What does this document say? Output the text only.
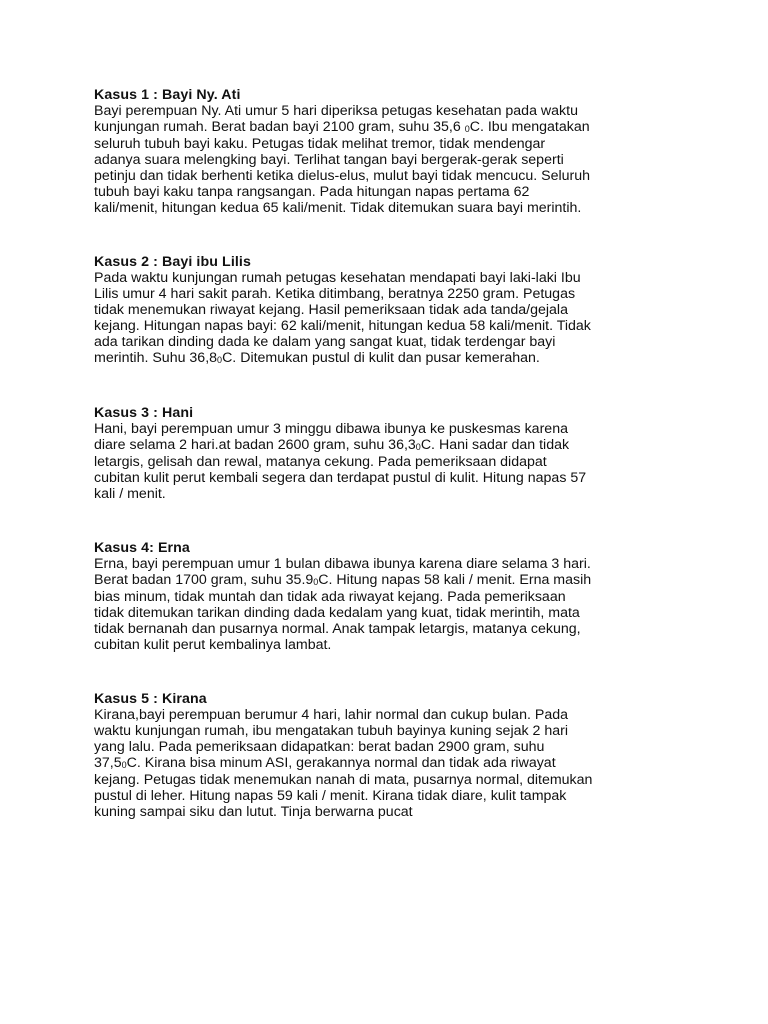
Kasus 1 : Bayi Ny. Ati
Bayi perempuan Ny. Ati umur 5 hari diperiksa petugas kesehatan pada waktu
kunjungan rumah. Berat badan bayi 2100 gram, suhu 35,6 0C. Ibu mengatakan
seluruh tubuh bayi kaku. Petugas tidak melihat tremor, tidak mendengar
adanya suara melengking bayi. Terlihat tangan bayi bergerak-gerak seperti
petinju dan tidak berhenti ketika dielus-elus, mulut bayi tidak mencucu. Seluruh
tubuh bayi kaku tanpa rangsangan. Pada hitungan napas pertama 62
kali/menit, hitungan kedua 65 kali/menit. Tidak ditemukan suara bayi merintih.
Kasus 2 : Bayi ibu Lilis
Pada waktu kunjungan rumah petugas kesehatan mendapati bayi laki-laki Ibu
Lilis umur 4 hari sakit parah. Ketika ditimbang, beratnya 2250 gram. Petugas
tidak menemukan riwayat kejang. Hasil pemeriksaan tidak ada tanda/gejala
kejang. Hitungan napas bayi: 62 kali/menit, hitungan kedua 58 kali/menit. Tidak
ada tarikan dinding dada ke dalam yang sangat kuat, tidak terdengar bayi
merintih. Suhu 36,80C. Ditemukan pustul di kulit dan pusar kemerahan.
Kasus 3 : Hani
Hani, bayi perempuan umur 3 minggu dibawa ibunya ke puskesmas karena
diare selama 2 hari.at badan 2600 gram, suhu 36,30C. Hani sadar dan tidak
letargis, gelisah dan rewal, matanya cekung. Pada pemeriksaan didapat
cubitan kulit perut kembali segera dan terdapat pustul di kulit. Hitung napas 57
kali / menit.
Kasus 4: Erna
Erna, bayi perempuan umur 1 bulan dibawa ibunya karena diare selama 3 hari.
Berat badan 1700 gram, suhu 35.90C. Hitung napas 58 kali / menit. Erna masih
bias minum, tidak muntah dan tidak ada riwayat kejang. Pada pemeriksaan
tidak ditemukan tarikan dinding dada kedalam yang kuat, tidak merintih, mata
tidak bernanah dan pusarnya normal. Anak tampak letargis, matanya cekung,
cubitan kulit perut kembalinya lambat.
Kasus 5 : Kirana
Kirana,bayi perempuan berumur 4 hari, lahir normal dan cukup bulan. Pada
waktu kunjungan rumah, ibu mengatakan tubuh bayinya kuning sejak 2 hari
yang lalu. Pada pemeriksaan didapatkan: berat badan 2900 gram, suhu
37,50C. Kirana bisa minum ASI, gerakannya normal dan tidak ada riwayat
kejang. Petugas tidak menemukan nanah di mata, pusarnya normal, ditemukan
pustul di leher. Hitung napas 59 kali / menit. Kirana tidak diare, kulit tampak
kuning sampai siku dan lutut. Tinja berwarna pucat
